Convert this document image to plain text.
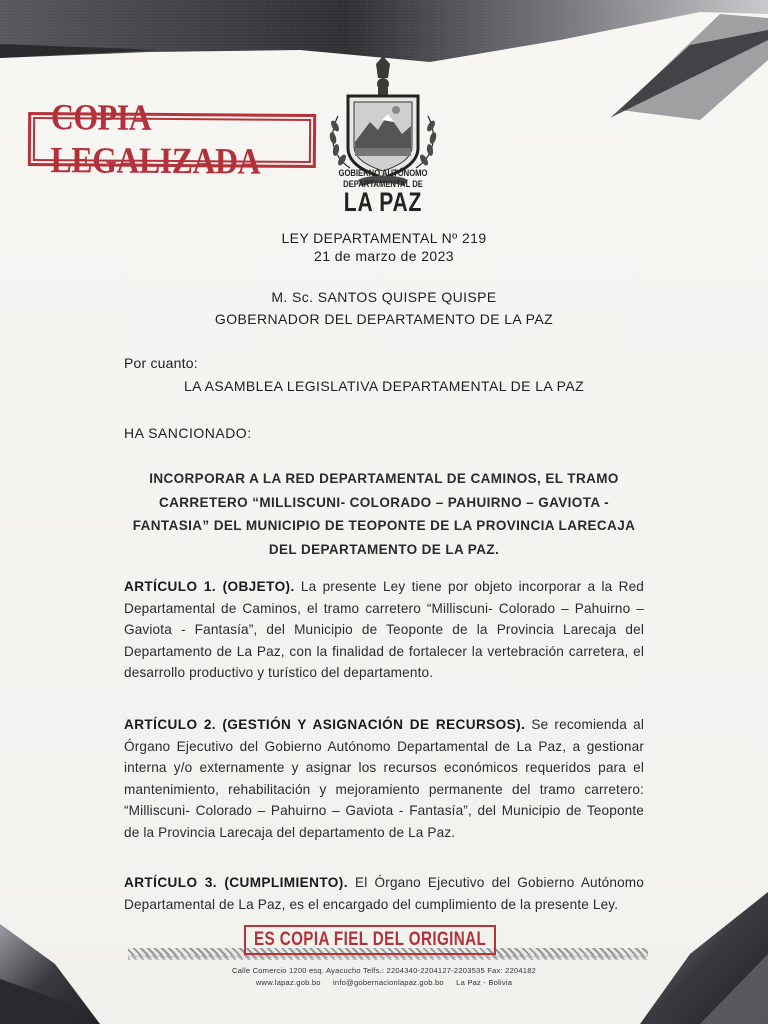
COPIA LEGALIZADA	GOBIERNO AUTÓNOMO
DEPARTAMENTAL DE
LA PAZ
LEY DEPARTAMENTAL Nº 219
21 de marzo de 2023
M. Sc. SANTOS QUISPE QUISPE
GOBERNADOR DEL DEPARTAMENTO DE LA PAZ
Por cuanto:
LA ASAMBLEA LEGISLATIVA DEPARTAMENTAL DE LA PAZ
HA SANCIONADO:
INCORPORAR A LA RED DEPARTAMENTAL DE CAMINOS, EL TRAMO CARRETERO “MILLISCUNI- COLORADO – PAHUIRNO – GAVIOTA - FANTASIA” DEL MUNICIPIO DE TEOPONTE DE LA PROVINCIA LARECAJA DEL DEPARTAMENTO DE LA PAZ.
ARTÍCULO 1. (OBJETO). La presente Ley tiene por objeto incorporar a la Red Departamental de Caminos, el tramo carretero “Milliscuni- Colorado – Pahuirno – Gaviota - Fantasía”, del Municipio de Teoponte de la Provincia Larecaja del Departamento de La Paz, con la finalidad de fortalecer la vertebración carretera, el desarrollo productivo y turístico del departamento.
ARTÍCULO 2. (GESTIÓN Y ASIGNACIÓN DE RECURSOS). Se recomienda al Órgano Ejecutivo del Gobierno Autónomo Departamental de La Paz, a gestionar interna y/o externamente y asignar los recursos económicos requeridos para el mantenimiento, rehabilitación y mejoramiento permanente del tramo carretero: “Milliscuni- Colorado – Pahuirno – Gaviota - Fantasía”, del Municipio de Teoponte de la Provincia Larecaja del departamento de La Paz.
ARTÍCULO 3. (CUMPLIMIENTO). El Órgano Ejecutivo del Gobierno Autónomo Departamental de La Paz, es el encargado del cumplimiento de la presente Ley.
ES COPIA FIEL DEL ORIGINAL
Calle Comercio 1200 esq. Ayacucho Telfs.: 2204340-2204127-2203535 Fax: 2204182
www.lapaz.gob.bo info@gobernacionlapaz.gob.bo La Paz - Bolivia
